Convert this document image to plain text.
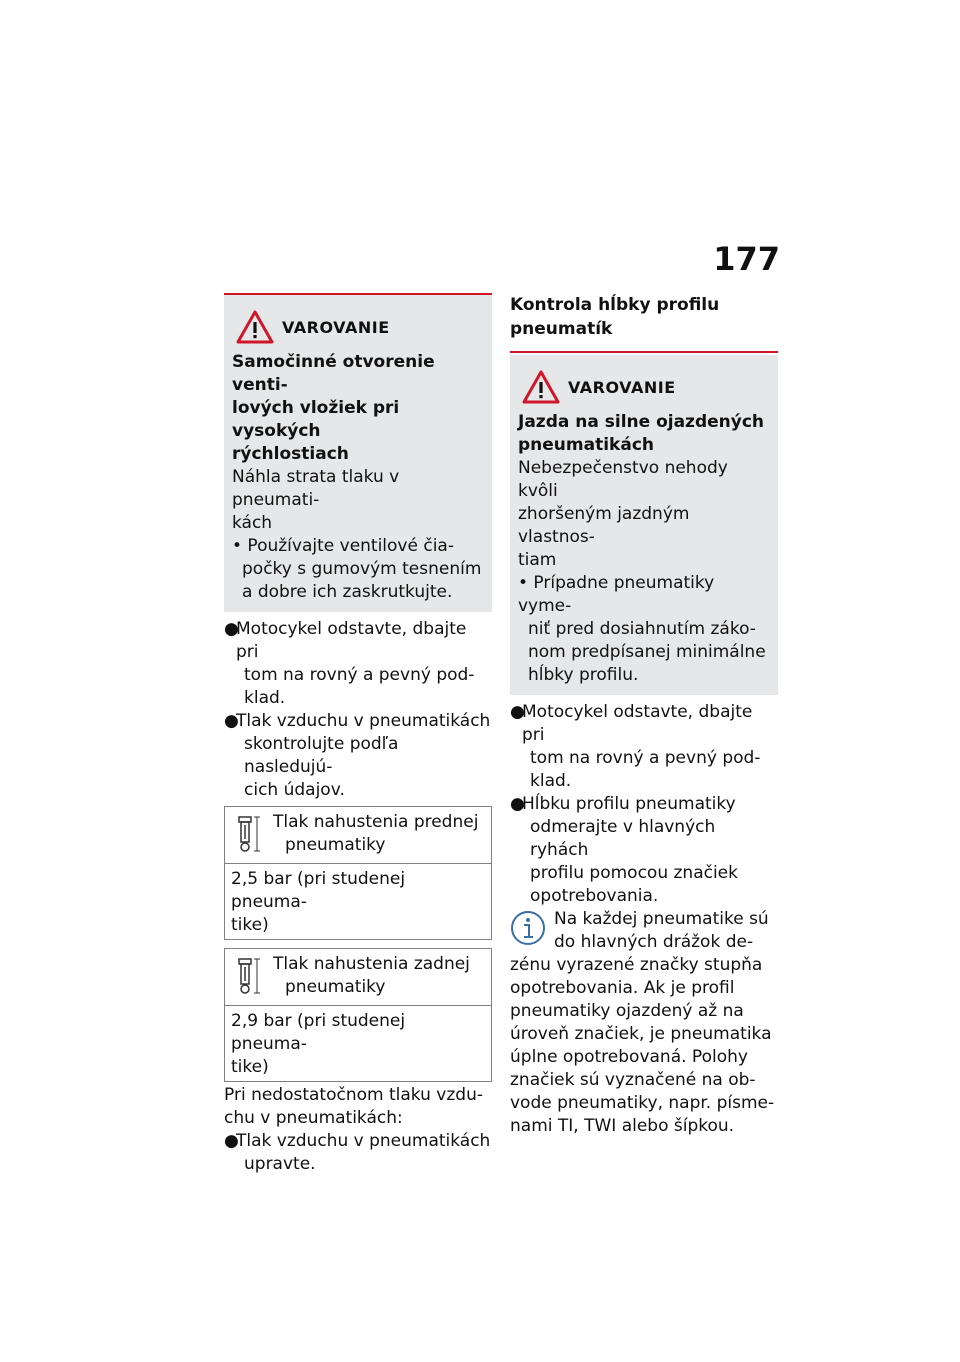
177
VAROVANIE
Samočinné otvorenie venti-
lových vložiek pri vysokých
rýchlostiach
Náhla strata tlaku v pneumati-
kách
• Používajte ventilové čia-
počky s gumovým tesnením
a dobre ich zaskrutkujte.
●
Motocykel odstavte, dbajte pri
tom na rovný a pevný pod-
klad.
●
Tlak vzduchu v pneumatikách
skontrolujte podľa nasledujú-
cich údajov.
Tlak nahustenia prednej
pneumatiky
2,5 bar (pri studenej pneuma-
tike)
Tlak nahustenia zadnej
pneumatiky
2,9 bar (pri studenej pneuma-
tike)
Pri nedostatočnom tlaku vzdu-
chu v pneumatikách:
●
Tlak vzduchu v pneumatikách
upravte.
Kontrola hĺbky profilu
pneumatík
VAROVANIE
Jazda na silne ojazdených
pneumatikách
Nebezpečenstvo nehody kvôli
zhoršeným jazdným vlastnos-
tiam
• Prípadne pneumatiky vyme-
niť pred dosiahnutím záko-
nom predpísanej minimálne
hĺbky profilu.
●
Motocykel odstavte, dbajte pri
tom na rovný a pevný pod-
klad.
●
Hĺbku profilu pneumatiky
odmerajte v hlavných ryhách
profilu pomocou značiek
opotrebovania.
Na každej pneumatike sú
do hlavných drážok de-
zénu vyrazené značky stupňa
opotrebovania. Ak je profil
pneumatiky ojazdený až na
úroveň značiek, je pneumatika
úplne opotrebovaná. Polohy
značiek sú vyznačené na ob-
vode pneumatiky, napr. písme-
nami TI, TWI alebo šípkou.
